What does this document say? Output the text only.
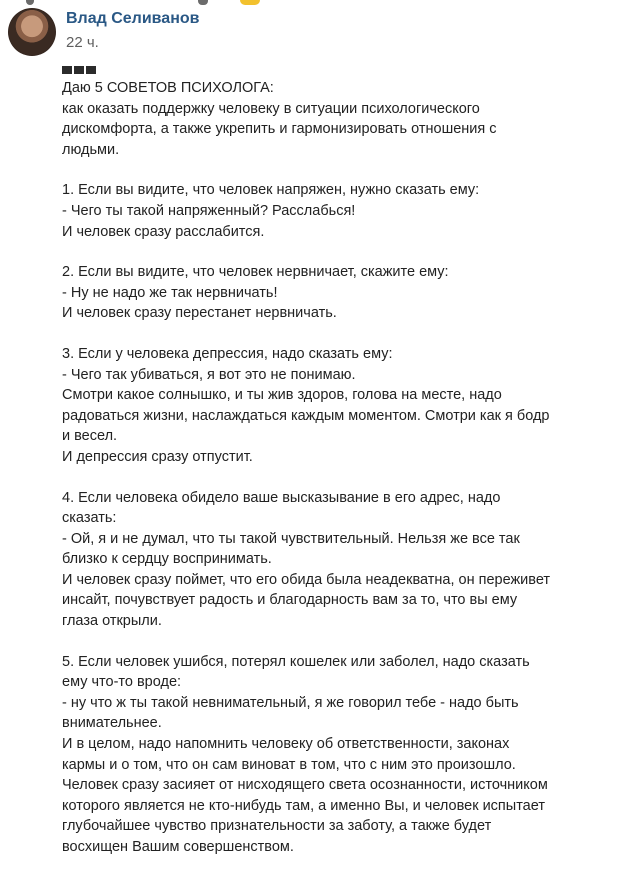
Влад Селиванов
22 ч.
Даю 5 СОВЕТОВ ПСИХОЛОГА:
как оказать поддержку человеку в ситуации психологического
дискомфорта, а также укрепить и гармонизировать отношения с
людьми.
1. Если вы видите, что человек напряжен, нужно сказать ему:
- Чего ты такой напряженный? Расслабься!
И человек сразу расслабится.
2. Если вы видите, что человек нервничает, скажите ему:
- Ну не надо же так нервничать!
И человек сразу перестанет нервничать.
3. Если у человека депрессия, надо сказать ему:
- Чего так убиваться, я вот это не понимаю.
Смотри какое солнышко, и ты жив здоров, голова на месте, надо
радоваться жизни, наслаждаться каждым моментом. Смотри как я бодр
и весел.
И депрессия сразу отпустит.
4. Если человека обидело ваше высказывание в его адрес, надо
сказать:
- Ой, я и не думал, что ты такой чувствительный. Нельзя же все так
близко к сердцу воспринимать.
И человек сразу поймет, что его обида была неадекватна, он переживет
инсайт, почувствует радость и благодарность вам за то, что вы ему
глаза открыли.
5. Если человек ушибся, потерял кошелек или заболел, надо сказать
ему что-то вроде:
- ну что ж ты такой невнимательный, я же говорил тебе - надо быть
внимательнее.
И в целом, надо напомнить человеку об ответственности, законах
кармы и о том, что он сам виноват в том, что с ним это произошло.
Человек сразу засияет от нисходящего света осознанности, источником
которого является не кто-нибудь там, а именно Вы, и человек испытает
глубочайшее чувство признательности за заботу, а также будет
восхищен Вашим совершенством.
